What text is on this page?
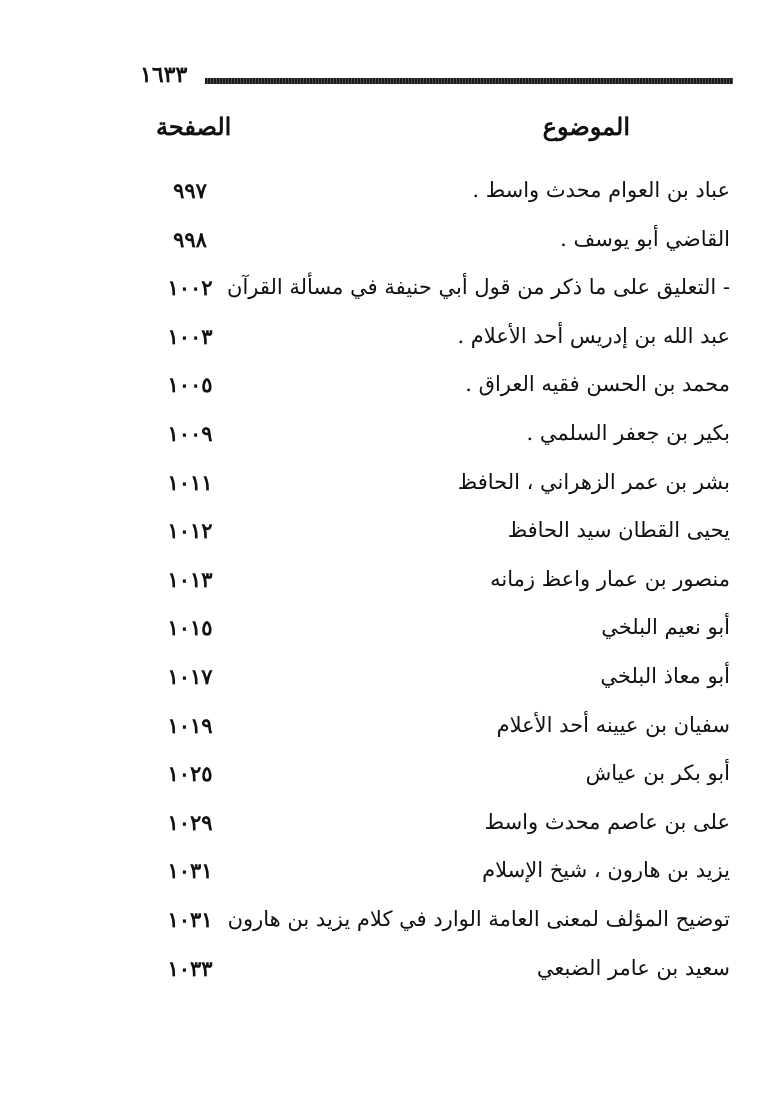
١٦٣٣
الموضوع
الصفحة
عباد بن العوام محدث واسط .
٩٩٧
القاضي أبو يوسف .
٩٩٨
- التعليق على ما ذكر من قول أبي حنيفة في مسألة القرآن
١٠٠٢
عبد الله بن إدريس أحد الأعلام .
١٠٠٣
محمد بن الحسن فقيه العراق .
١٠٠٥
بكير بن جعفر السلمي .
١٠٠٩
بشر بن عمر الزهراني ، الحافظ
١٠١١
يحيى القطان سيد الحافظ
١٠١٢
منصور بن عمار واعظ زمانه
١٠١٣
أبو نعيم البلخي
١٠١٥
أبو معاذ البلخي
١٠١٧
سفيان بن عيينه أحد الأعلام
١٠١٩
أبو بكر بن عياش
١٠٢٥
على بن عاصم محدث واسط
١٠٢٩
يزيد بن هارون ، شيخ الإسلام
١٠٣١
توضيح المؤلف لمعنى العامة الوارد في كلام يزيد بن هارون
١٠٣١
سعيد بن عامر الضبعي
١٠٣٣
